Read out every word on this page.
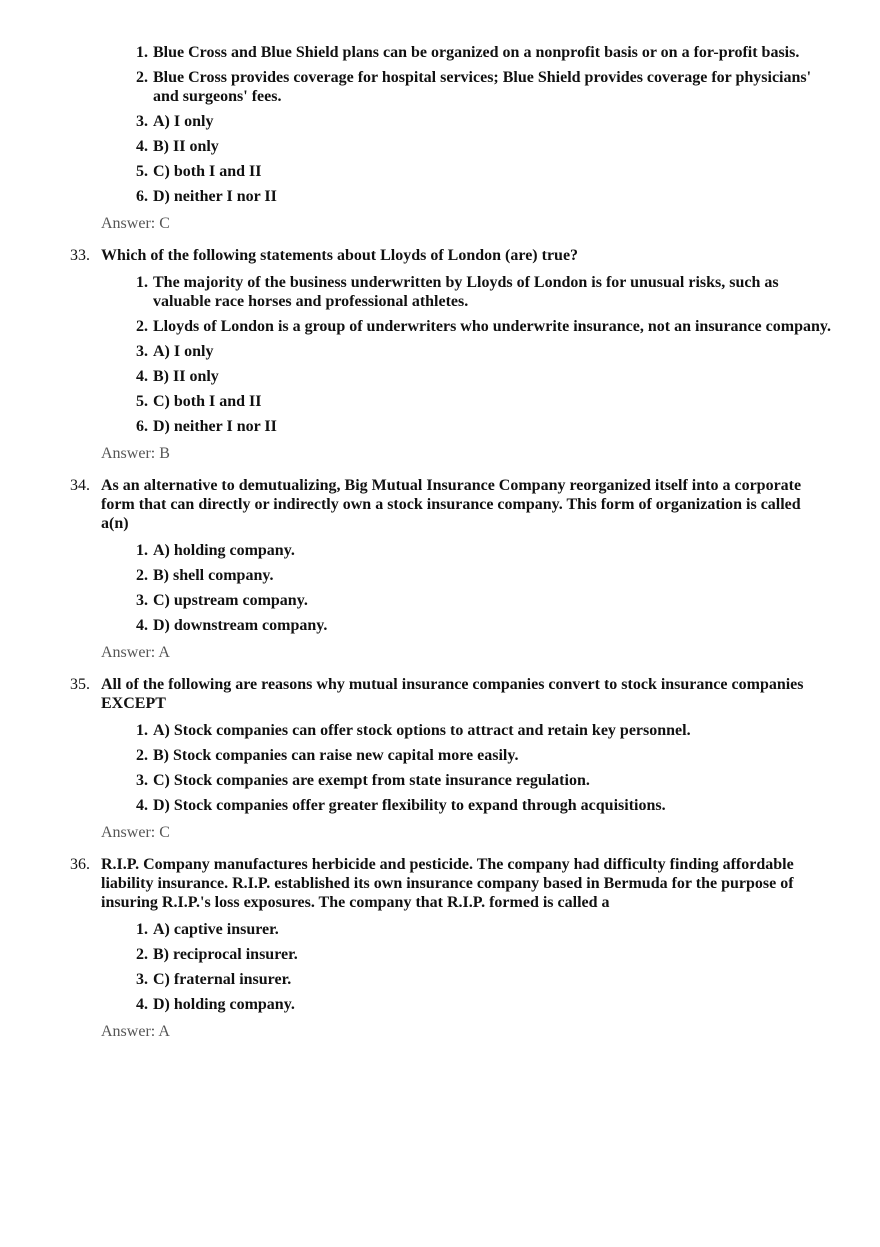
1. Blue Cross and Blue Shield plans can be organized on a nonprofit basis or on a for-profit basis.
2. Blue Cross provides coverage for hospital services; Blue Shield provides coverage for physicians' and surgeons' fees.
3. A) I only
4. B) II only
5. C) both I and II
6. D) neither I nor II
Answer: C
33. Which of the following statements about Lloyds of London (are) true?
1. The majority of the business underwritten by Lloyds of London is for unusual risks, such as valuable race horses and professional athletes.
2. Lloyds of London is a group of underwriters who underwrite insurance, not an insurance company.
3. A) I only
4. B) II only
5. C) both I and II
6. D) neither I nor II
Answer: B
34. As an alternative to demutualizing, Big Mutual Insurance Company reorganized itself into a corporate form that can directly or indirectly own a stock insurance company. This form of organization is called a(n)
1. A) holding company.
2. B) shell company.
3. C) upstream company.
4. D) downstream company.
Answer: A
35. All of the following are reasons why mutual insurance companies convert to stock insurance companies EXCEPT
1. A) Stock companies can offer stock options to attract and retain key personnel.
2. B) Stock companies can raise new capital more easily.
3. C) Stock companies are exempt from state insurance regulation.
4. D) Stock companies offer greater flexibility to expand through acquisitions.
Answer: C
36. R.I.P. Company manufactures herbicide and pesticide. The company had difficulty finding affordable liability insurance. R.I.P. established its own insurance company based in Bermuda for the purpose of insuring R.I.P.'s loss exposures. The company that R.I.P. formed is called a
1. A) captive insurer.
2. B) reciprocal insurer.
3. C) fraternal insurer.
4. D) holding company.
Answer: A
